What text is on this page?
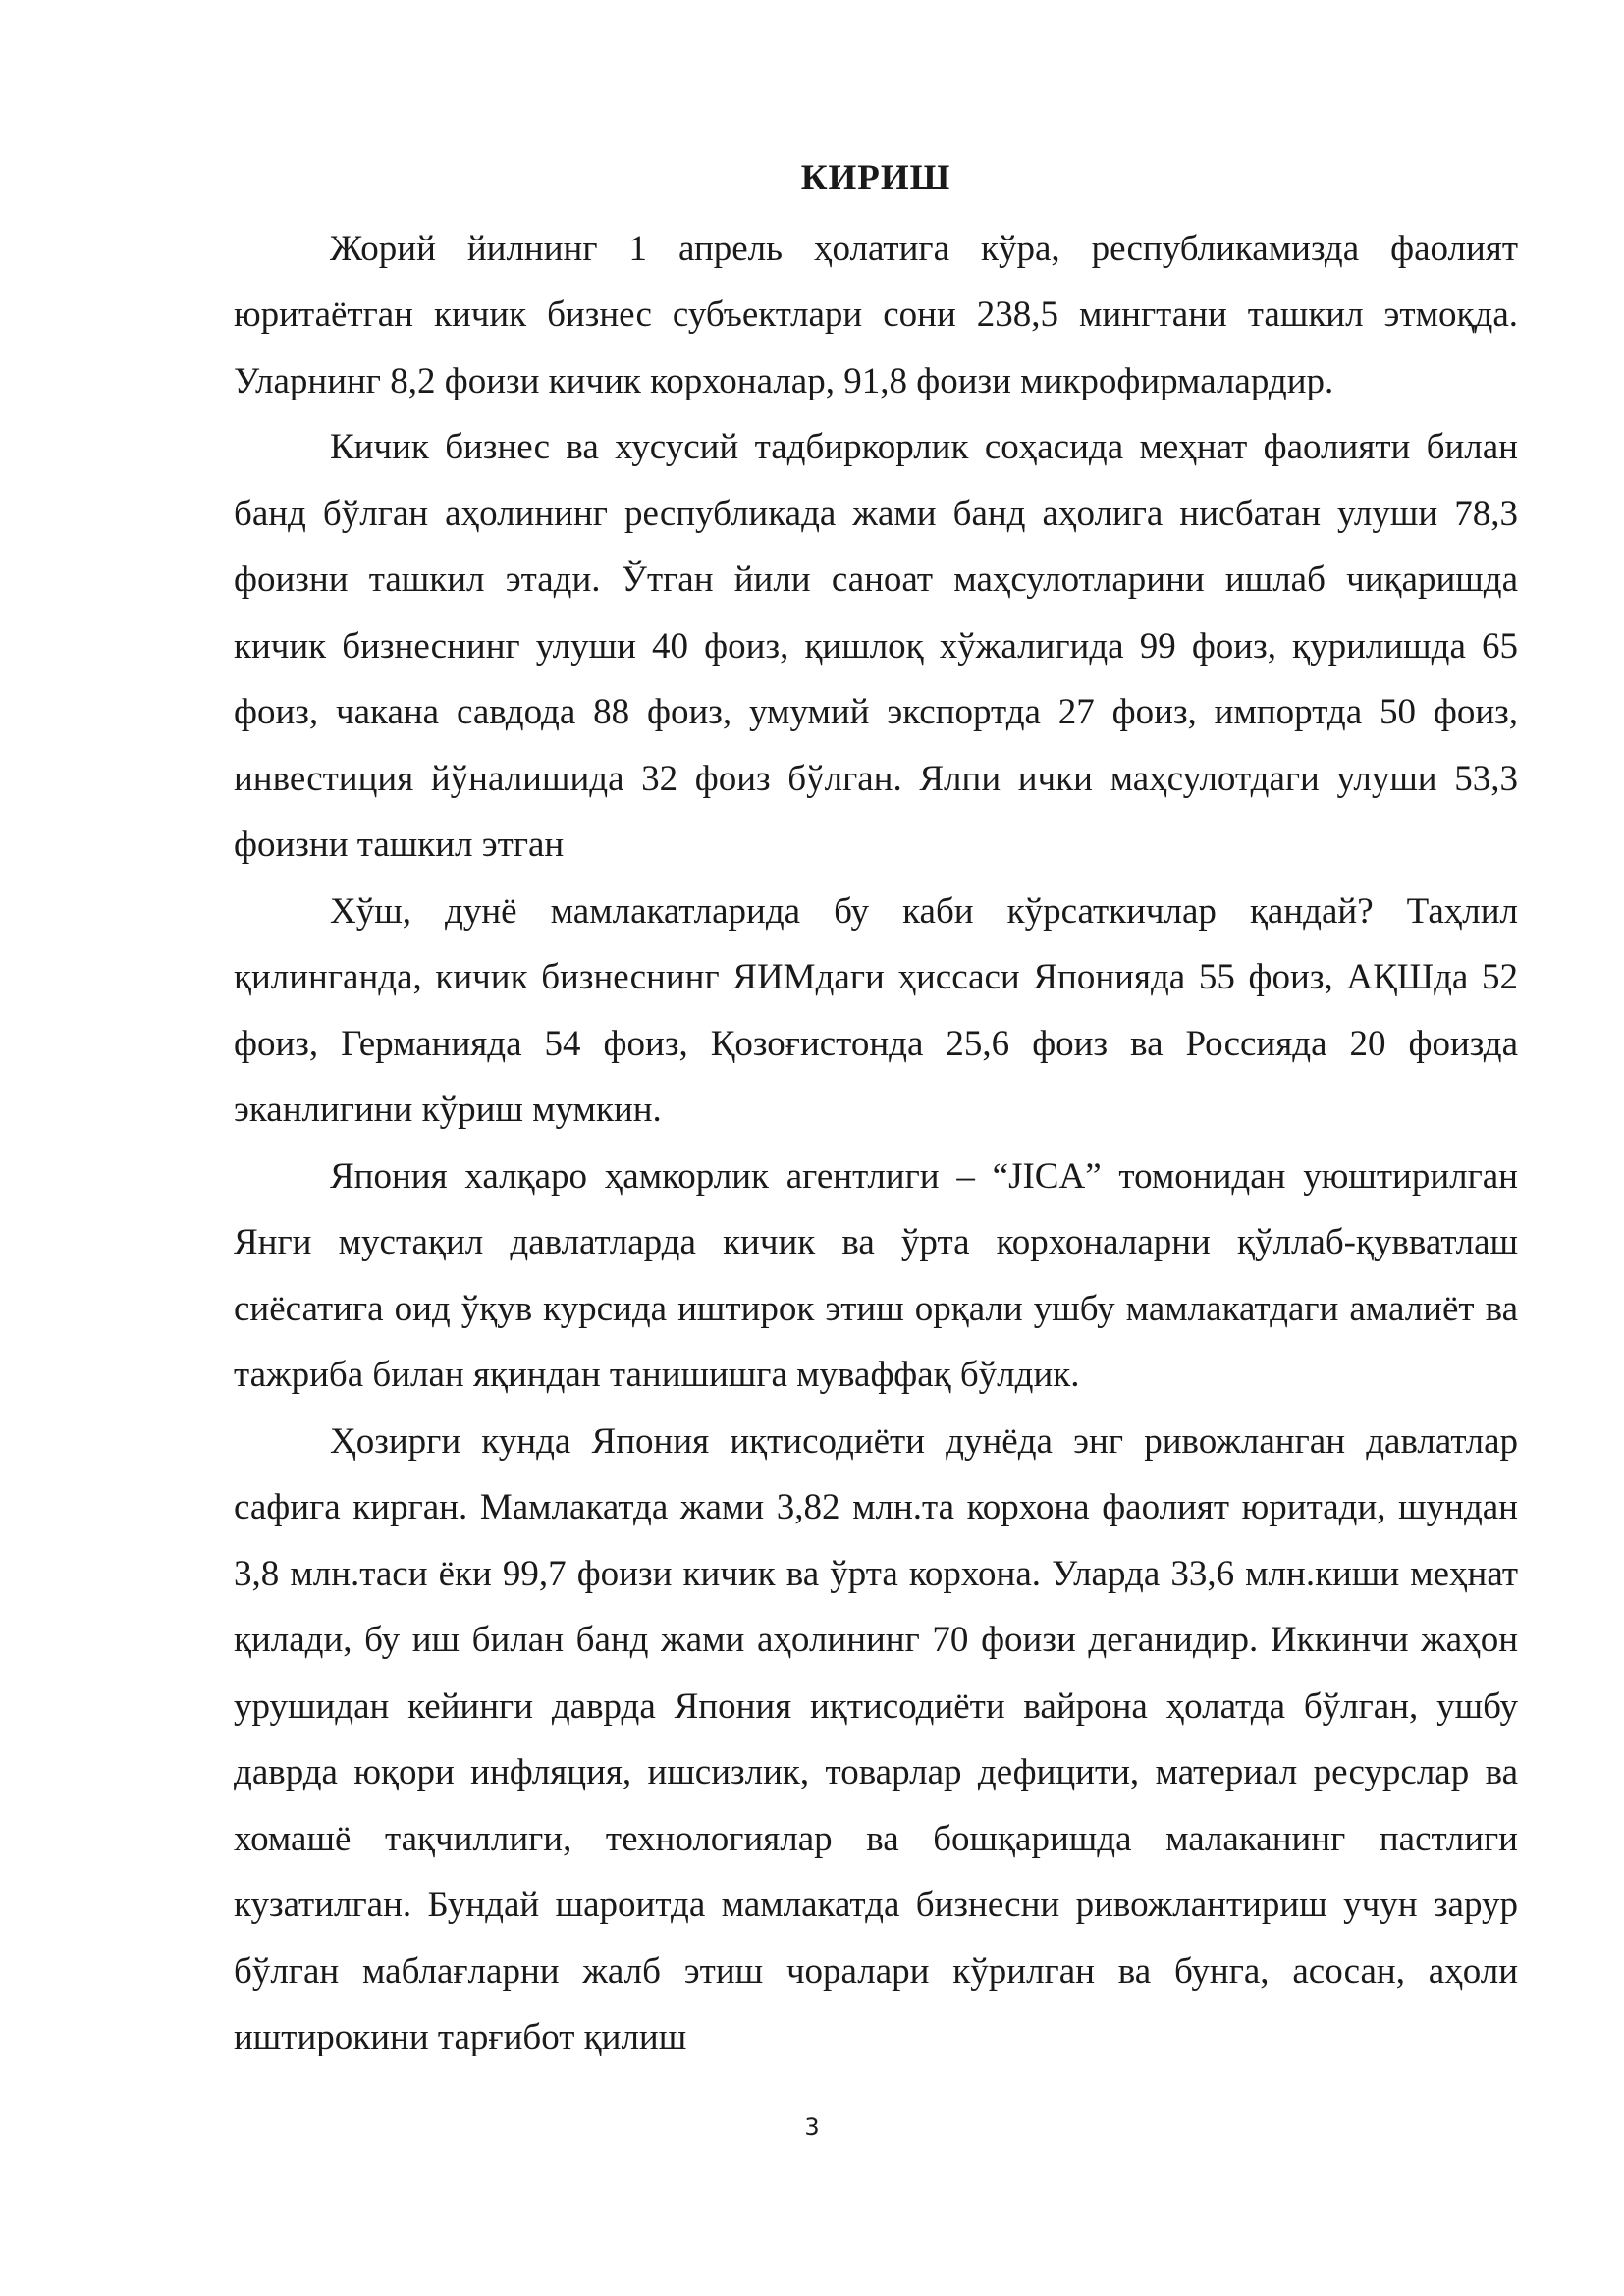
КИРИШ

Жорий йилнинг 1 апрель ҳолатига кўра, республикамизда фаолият юритаётган кичик бизнес субъектлари сони 238,5 мингтани ташкил этмоқда. Уларнинг 8,2 фоизи кичик корхоналар, 91,8 фоизи микрофирмалардир.

Кичик бизнес ва хусусий тадбиркорлик соҳасида меҳнат фаолияти билан банд бўлган аҳолининг республикада жами банд аҳолига нисбатан улуши 78,3 фоизни ташкил этади. Ўтган йили саноат маҳсулотларини ишлаб чиқаришда кичик бизнеснинг улуши 40 фоиз, қишлоқ хўжалигида 99 фоиз, қурилишда 65 фоиз, чакана савдода 88 фоиз, умумий экспортда 27 фоиз, импортда 50 фоиз, инвестиция йўналишида 32 фоиз бўлган. Ялпи ички маҳсулотдаги улуши 53,3 фоизни ташкил этган

Хўш, дунё мамлакатларида бу каби кўрсаткичлар қандай? Таҳлил қилинганда, кичик бизнеснинг ЯИМдаги ҳиссаси Японияда 55 фоиз, АҚШда 52 фоиз, Германияда 54 фоиз, Қозоғистонда 25,6 фоиз ва Россияда 20 фоизда эканлигини кўриш мумкин.

Япония халқаро ҳамкорлик агентлиги – “JICA” томонидан уюштирилган Янги мустақил давлатларда кичик ва ўрта корхоналарни қўллаб-қувватлаш сиёсатига оид ўқув курсида иштирок этиш орқали ушбу мамлакатдаги амалиёт ва тажриба билан яқиндан танишишга муваффақ бўлдик.

Ҳозирги кунда Япония иқтисодиёти дунёда энг ривожланган давлатлар сафига кирган. Мамлакатда жами 3,82 млн.та корхона фаолият юритади, шундан 3,8 млн.таси ёки 99,7 фоизи кичик ва ўрта корхона. Уларда 33,6 млн.киши меҳнат қилади, бу иш билан банд жами аҳолининг 70 фоизи деганидир. Иккинчи жаҳон урушидан кейинги даврда Япония иқтисодиёти вайрона ҳолатда бўлган, ушбу даврда юқори инфляция, ишсизлик, товарлар дефицити, материал ресурслар ва хомашё тақчиллиги, технологиялар ва бошқаришда малаканинг пастлиги кузатилган. Бундай шароитда мамлакатда бизнесни ривожлантириш учун зарур бўлган маблағларни жалб этиш чоралари кўрилган ва бунга, асосан, аҳоли иштирокини тарғибот қилиш

3
